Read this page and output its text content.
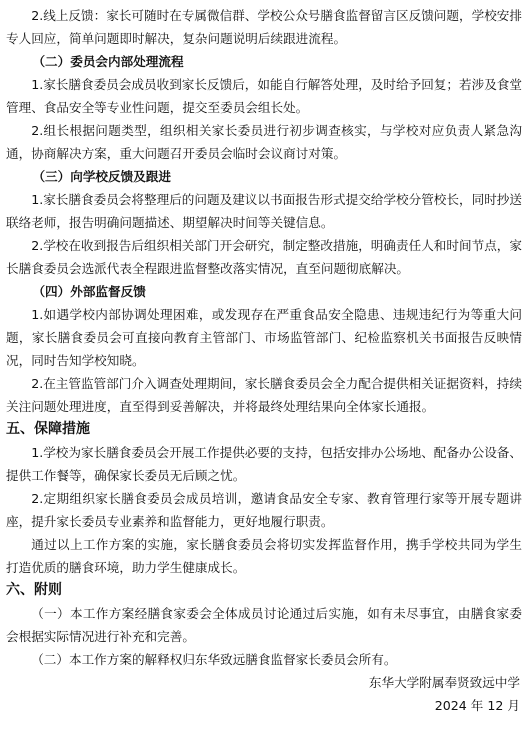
2.线上反馈：家长可随时在专属微信群、学校公众号膳食监督留言区反馈问题，学校安排专人回应，简单问题即时解决，复杂问题说明后续跟进流程。

（二）委员会内部处理流程

1.家长膳食委员会成员收到家长反馈后，如能自行解答处理，及时给予回复；若涉及食堂管理、食品安全等专业性问题，提交至委员会组长处。

2.组长根据问题类型，组织相关家长委员进行初步调查核实，与学校对应负责人紧急沟通，协商解决方案，重大问题召开委员会临时会议商讨对策。

（三）向学校反馈及跟进

1.家长膳食委员会将整理后的问题及建议以书面报告形式提交给学校分管校长，同时抄送联络老师，报告明确问题描述、期望解决时间等关键信息。

2.学校在收到报告后组织相关部门开会研究，制定整改措施，明确责任人和时间节点，家长膳食委员会选派代表全程跟进监督整改落实情况，直至问题彻底解决。

（四）外部监督反馈

1.如遇学校内部协调处理困难，或发现存在严重食品安全隐患、违规违纪行为等重大问题，家长膳食委员会可直接向教育主管部门、市场监管部门、纪检监察机关书面报告反映情况，同时告知学校知晓。

2.在主管监管部门介入调查处理期间，家长膳食委员会全力配合提供相关证据资料，持续关注问题处理进度，直至得到妥善解决，并将最终处理结果向全体家长通报。

五、保障措施

1.学校为家长膳食委员会开展工作提供必要的支持，包括安排办公场地、配备办公设备、提供工作餐等，确保家长委员无后顾之忧。

2.定期组织家长膳食委员会成员培训，邀请食品安全专家、教育管理行家等开展专题讲座，提升家长委员专业素养和监督能力，更好地履行职责。

通过以上工作方案的实施，家长膳食委员会将切实发挥监督作用，携手学校共同为学生打造优质的膳食环境，助力学生健康成长。

六、附则

（一）本工作方案经膳食家委会全体成员讨论通过后实施，如有未尽事宜，由膳食家委会根据实际情况进行补充和完善。

（二）本工作方案的解释权归东华致远膳食监督家长委员会所有。

东华大学附属奉贤致远中学

2024 年 12 月
